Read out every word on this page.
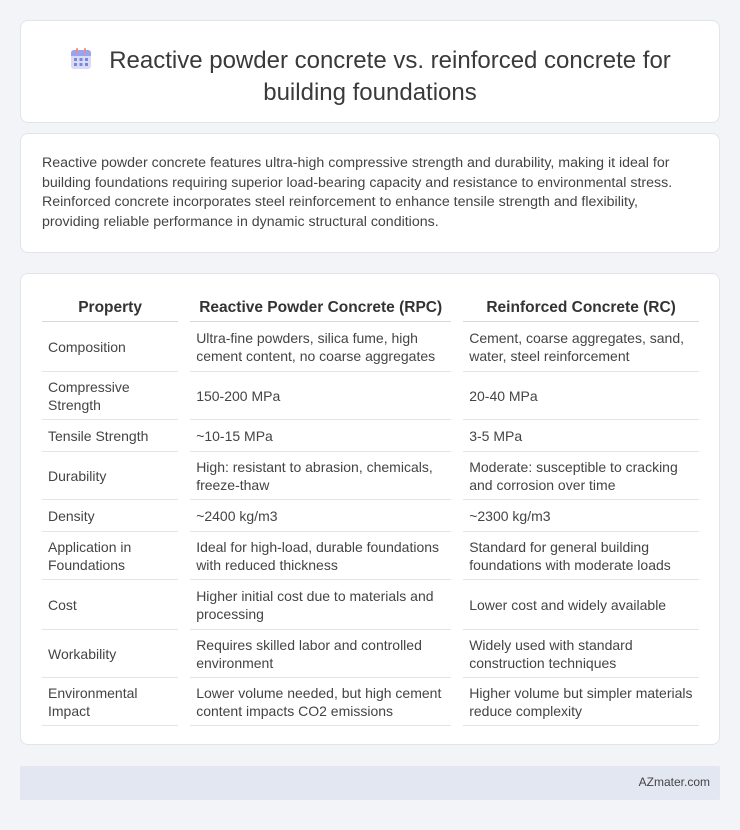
Reactive powder concrete vs. reinforced concrete for
building foundations

Reactive powder concrete features ultra-high compressive strength and durability, making it ideal for building foundations requiring superior load-bearing capacity and resistance to environmental stress. Reinforced concrete incorporates steel reinforcement to enhance tensile strength and flexibility, providing reliable performance in dynamic structural conditions.

Property		Reactive Powder Concrete (RPC)		Reinforced Concrete (RC)
Composition		Ultra-fine powders, silica fume, high cement content, no coarse aggregates		Cement, coarse aggregates, sand, water, steel reinforcement
Compressive Strength		150-200 MPa		20-40 MPa
Tensile Strength		~10-15 MPa		3-5 MPa
Durability		High: resistant to abrasion, chemicals, freeze-thaw		Moderate: susceptible to cracking and corrosion over time
Density		~2400 kg/m3		~2300 kg/m3
Application in Foundations		Ideal for high-load, durable foundations with reduced thickness		Standard for general building foundations with moderate loads
Cost		Higher initial cost due to materials and processing		Lower cost and widely available
Workability		Requires skilled labor and controlled environment		Widely used with standard construction techniques
Environmental Impact		Lower volume needed, but high cement content impacts CO2 emissions		Higher volume but simpler materials reduce complexity
AZmater.com
